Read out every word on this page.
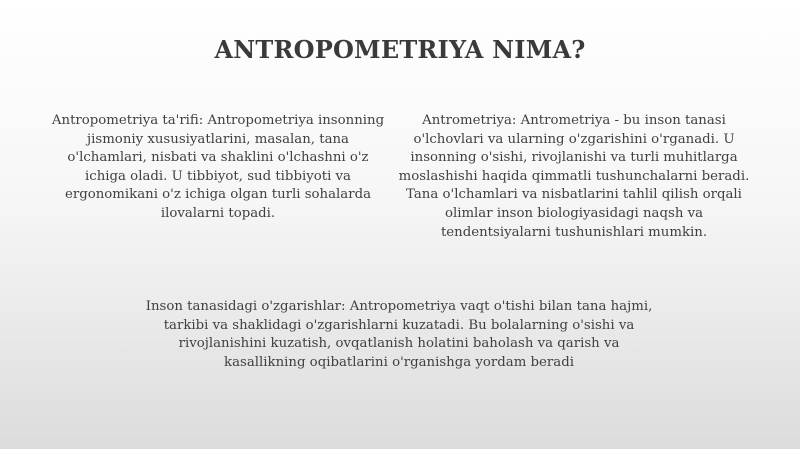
ANTROPOMETRIYA NIMA?

Antropometriya ta'rifi: Antropometriya insonning jismoniy xususiyatlarini, masalan, tana o'lchamlari, nisbati va shaklini o'lchashni o'z ichiga oladi. U tibbiyot, sud tibbiyoti va ergonomikani o'z ichiga olgan turli sohalarda ilovalarni topadi.

Antrometriya: Antrometriya - bu inson tanasi o'lchovlari va ularning o'zgarishini o'rganadi. U insonning o'sishi, rivojlanishi va turli muhitlarga moslashishi haqida qimmatli tushunchalarni beradi. Tana o'lchamlari va nisbatlarini tahlil qilish orqali olimlar inson biologiyasidagi naqsh va tendentsiyalarni tushunishlari mumkin.

Inson tanasidagi o'zgarishlar: Antropometriya vaqt o'tishi bilan tana hajmi, tarkibi va shaklidagi o'zgarishlarni kuzatadi. Bu bolalarning o'sishi va rivojlanishini kuzatish, ovqatlanish holatini baholash va qarish va kasallikning oqibatlarini o'rganishga yordam beradi
